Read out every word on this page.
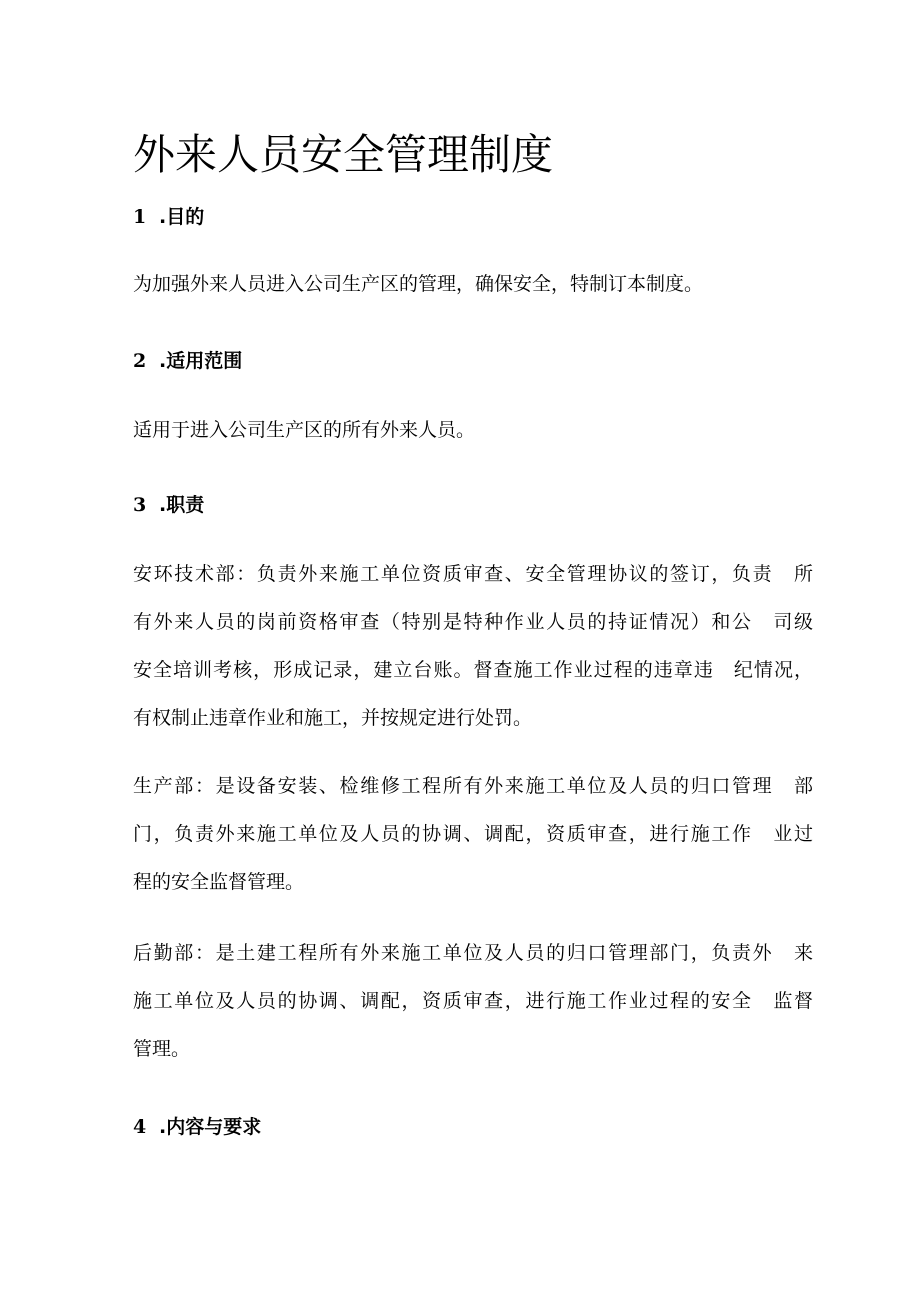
外来人员安全管理制度
1 .目的
为加强外来人员进入公司生产区的管理，确保安全，特制订本制度。
2 .适用范围
适用于进入公司生产区的所有外来人员。
3 .职责
安环技术部：负责外来施工单位资质审查、安全管理协议的签订，负责　所
有外来人员的岗前资格审查（特别是特种作业人员的持证情况）和公　司级
安全培训考核，形成记录，建立台账。督查施工作业过程的违章违　纪情况，
有权制止违章作业和施工，并按规定进行处罚。
生产部：是设备安装、检维修工程所有外来施工单位及人员的归口管理　部
门，负责外来施工单位及人员的协调、调配，资质审查，进行施工作　业过
程的安全监督管理。
后勤部：是土建工程所有外来施工单位及人员的归口管理部门，负责外　来
施工单位及人员的协调、调配，资质审查，进行施工作业过程的安全　监督
管理。
4 .内容与要求
